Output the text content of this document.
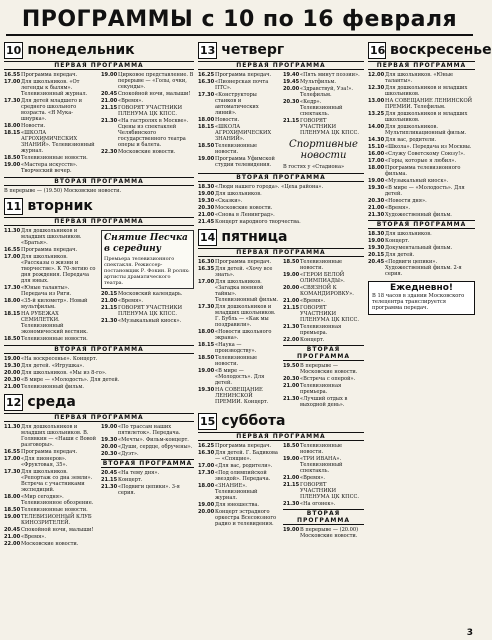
ПРОГРАММЫ с 10 по 16 февраля
10 понедельник
ПЕРВАЯ ПРОГРАММА
16.55 Программа передач.
17.00 Для школьников. «От легенды к былям». Телевизионный журнал.
17.30 Для детей младшего и среднего школьного возраста. «Я Мука-шнурка».
18.00 Новости.
18.15 «ШКОЛА АГРОХИМИЧЕСКИХ ЗНАНИЙ». Телевизионный журнал.
18.50 Телевизионные новости.
19.00 «Мастера искусств». Творческий вечер.
19.00 Цирковое представление. В перерыве — «Голы, очки, секунды».
20.45 Спокойной ночи, малыши!
21.00 «Время».
21.15 ГОВОРЯТ УЧАСТНИКИ ПЛЕНУМА ЦК КПСС.
21.30 «На гастролях в Москве». Сцены из спектаклей Челябинского государственного театра оперы и балета.
22.30 Московские новости.
ВТОРАЯ ПРОГРАММА
В перерыве — (19.50) Московские новости.
11 вторник
ПЕРВАЯ ПРОГРАММА
11.30 Для дошкольников и младших школьников. «Братья».
16.55 Программа передач.
17.00 Для школьников. «Рассказы о жизни и творчестве». К 70-летию со дня рождения. Передача для юных.
17.30 «Юные таланты». Передача из Риги.
18.00 «35-й километр». Новый мультфильм.
18.15 НА РУБЕЖАХ СЕМИЛЕТКИ. Телевизионный экономический вестник.
18.50 Телевизионные новости.
Снятие Песчка в середину
Премьера телевизионного спектакля. Режиссер-постановщик Р. Фокин. В ролях: артисты драматического театра.
20.15 Московский календарь.
21.00 «Время».
21.15 ГОВОРЯТ УЧАСТНИКИ ПЛЕНУМА ЦК КПСС.
21.30 «Музыкальный киоск».
ВТОРАЯ ПРОГРАММА
19.00 «На воскресенье». Концерт.
19.30 Для детей. «Игрушка».
20.00 Для школьников. «Мы из 8-го».
20.30 «В мире — «Молодость». Для детей.
21.00 Телевизионный фильм.
12 среда
ПЕРВАЯ ПРОГРАММА
11.30 Для дошкольников и младших школьников. В. Голявкин — «Наши с Вовой разговоры».
16.55 Программа передач.
17.00 «Для пионеров». «Фруктовая, 35».
17.30 Для школьников. «Репортаж со дна земли». Встреча с участниками экспедиций.
18.00 «Мир сегодня». Телевизионное обозрение.
18.50 Телевизионные новости.
19.00 ТЕЛЕВИЗИОННЫЙ КЛУБ КИНОЗРИТЕЛЕЙ.
20.45 Спокойной ночи, малыши!
21.00 «Время».
22.00 Московские новости.
19.00 «По трассам наших пятилеток». Передача.
19.30 «Мечты». Фильм-концерт.
20.00 «Души, сердце, обручены».
20.30 «Дуэт».
ВТОРАЯ ПРОГРАММА
20.45 «На тему дня».
21.15 Концерт.
21.30 «Подвиги цепики». 3-я серия.
13 четверг
ПЕРВАЯ ПРОГРАММА
16.25 Программа передач.
16.30 «Пионерская почта ПТС».
17.30 «Конструкторы станков и автоматических линий».
18.00 Новости.
18.15 «ШКОЛА АГРОХИМИЧЕСКИХ ЗНАНИЙ».
18.50 Телевизионные новости.
19.00 Программа Уфимской студии телевидения.
19.40 «Пять минут поэзии».
19.45 Мультфильм.
20.00 «Здравствуй, Уза!». Телефильм.
20.30 «Кедр». Телевизионный спектакль.
21.15 ГОВОРЯТ УЧАСТНИКИ ПЛЕНУМА ЦК КПСС.
Спортивные новости
В гостях у «Стадиона»
ВТОРАЯ ПРОГРАММА
18.30 «Люди нашего города». «Цеха района».
19.00 Для школьников.
19.30 «Сказки».
20.30 Московские новости.
21.00 «Снова в Ленинград».
21.45 Концерт народного творчества.
14 пятница
ПЕРВАЯ ПРОГРАММА
16.30 Программа передач.
16.35 Для детей. «Хочу все знать».
17.00 Для школьников. «Загадка военной тайны». Телевизионный фильм.
17.30 Для дошкольников и младших школьников. Г. Бубль — «Как мы поздравили».
18.00 «Новости школьного экрана».
18.15 «Наука — производству».
18.50 Телевизионные новости.
19.00 «В мире — «Молодость». Для детей.
19.30 НА СОВЕЩАНИЕ ЛЕНИНСКОЙ ПРЕМИИ. Концерт.
18.50 Телевизионные новости.
19.00 «ГЕРОИ БЕЛОЙ ОЛИМПИАДЫ».
20.00 «СВЯЗНОЙ К КОМАНДИРОВКУ».
21.00 «Время».
21.15 ГОВОРЯТ УЧАСТНИКИ ПЛЕНУМА ЦК КПСС.
21.30 Телевизионная премьера.
22.00 Концерт.
ВТОРАЯ ПРОГРАММА
19.50 В перерыве — Московские новости.
20.30 «Встреча с оперой».
21.00 Телевизионная премьера.
21.30 «Лучший отдых в выходной день».
15 суббота
ПЕРВАЯ ПРОГРАММА
16.25 Программа передач.
16.30 Для детей. Г. Бадикова — «Спящие».
17.00 «Для вас, родители».
17.30 «Под олимпийской звездой». Передача.
18.00 «ЗНАНИЕ». Телевизионный журнал.
19.00 Для юношества.
20.00 Концерт эстрадного оркестра Всесоюзного радио и телевидения.
18.50 Телевизионные новости.
19.00 «ТРИ ИВАНА». Телевизионный спектакль.
21.00 «Время».
21.15 ГОВОРЯТ УЧАСТНИКИ ПЛЕНУМА ЦК КПСС.
21.30 «На огонек».
ВТОРАЯ ПРОГРАММА
19.00 В перерыве — (20.00) Московские новости.
16 воскресенье
ПЕРВАЯ ПРОГРАММА
12.00 Для школьников. «Юные таланты».
12.30 Для дошкольников и младших школьников.
13.00 НА СОВЕЩАНИЕ ЛЕНИНСКОЙ ПРЕМИИ. Телефильм.
13.25 Для дошкольников и младших школьников.
14.00 Для дошкольников. Мультипликационный фильм.
14.30 Для вас, родители.
15.10 «Школа». Передача из Москвы.
16.00 «Служу Советскому Союзу!».
17.00 «Горы, которые я любил».
18.00 Программа телевизионного фильма.
19.00 «Музыкальный киоск».
19.30 «В мире — «Молодость». Для детей.
20.30 «Новости дня».
21.00 «Время».
21.30 Художественный фильм.
ВТОРАЯ ПРОГРАММА
18.30 Для школьников.
19.00 Концерт.
19.30 Документальный фильм.
20.15 Для детей.
20.45 «Подвиги цепики». Художественный фильм. 2-я серия.
Ежедневно!
В 18 часов в здании Московского телецентра транслируется программа передач.
3
